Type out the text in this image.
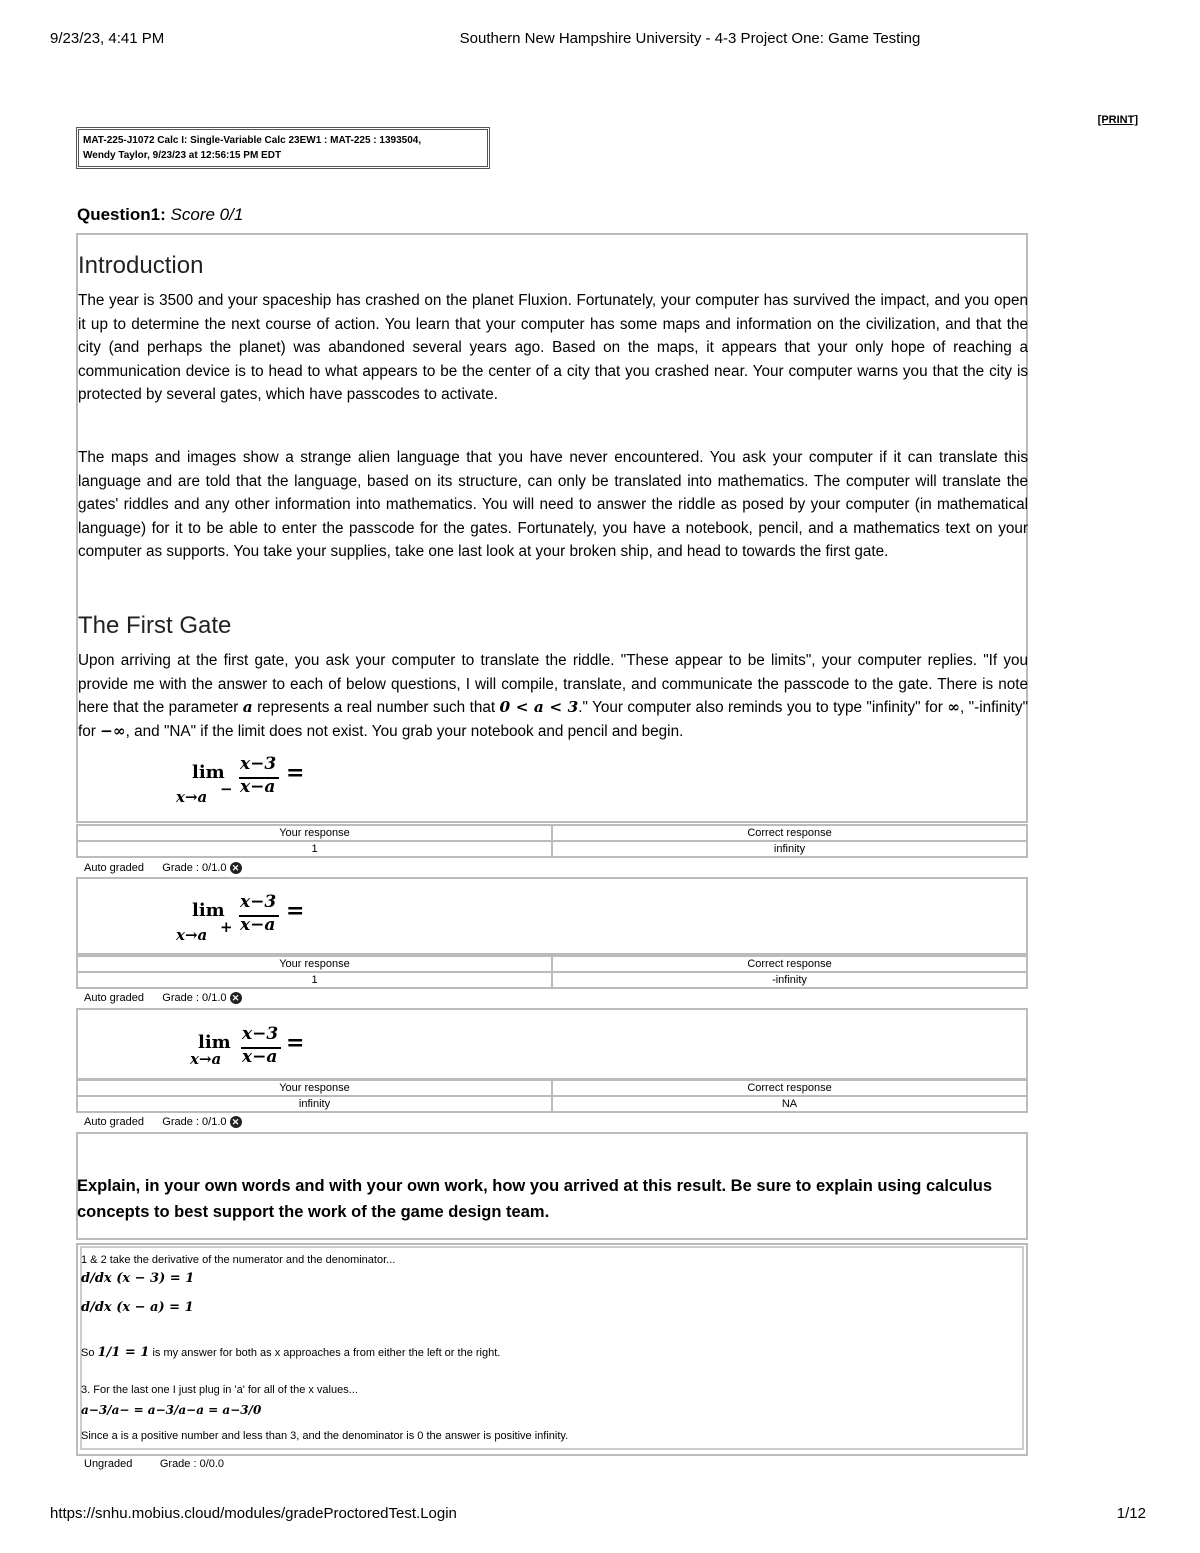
9/23/23, 4:41 PM	Southern New Hampshire University - 4-3 Project One: Game Testing
[PRINT]
MAT-225-J1072 Calc I: Single-Variable Calc 23EW1 : MAT-225 : 1393504,
Wendy Taylor, 9/23/23 at 12:56:15 PM EDT
Question1: Score 0/1
Introduction
The year is 3500 and your spaceship has crashed on the planet Fluxion. Fortunately, your computer has survived the impact, and you open it up to determine the next course of action. You learn that your computer has some maps and information on the civilization, and that the city (and perhaps the planet) was abandoned several years ago. Based on the maps, it appears that your only hope of reaching a communication device is to head to what appears to be the center of a city that you crashed near. Your computer warns you that the city is protected by several gates, which have passcodes to activate.
The maps and images show a strange alien language that you have never encountered. You ask your computer if it can translate this language and are told that the language, based on its structure, can only be translated into mathematics. The computer will translate the gates' riddles and any other information into mathematics. You will need to answer the riddle as posed by your computer (in mathematical language) for it to be able to enter the passcode for the gates. Fortunately, you have a notebook, pencil, and a mathematics text on your computer as supports. You take your supplies, take one last look at your broken ship, and head to towards the first gate.
The First Gate
Upon arriving at the first gate, you ask your computer to translate the riddle. "These appear to be limits", your computer replies. "If you provide me with the answer to each of below questions, I will compile, translate, and communicate the passcode to the gate. There is note here that the parameter a represents a real number such that 0 < a < 3." Your computer also reminds you to type "infinity" for ∞, "-infinity" for −∞, and "NA" if the limit does not exist. You grab your notebook and pencil and begin.
lim
x→a −
x−3
x−a
=
Your response	Correct response
1	infinity
Auto graded Grade : 0/1.0 ✕
lim
x→a +
x−3
x−a
=
Your response	Correct response
1	-infinity
Auto graded Grade : 0/1.0 ✕
lim
x→a
x−3
x−a
=
Your response	Correct response
infinity	NA
Auto graded Grade : 0/1.0 ✕
Explain, in your own words and with your own work, how you arrived at this result. Be sure to explain using calculus concepts to best support the work of the game design team.
1 & 2 take the derivative of the numerator and the denominator...
d/dx (x − 3) = 1
d/dx (x − a) = 1
So 1/1 = 1 is my answer for both as x approaches a from either the left or the right.
3. For the last one I just plug in 'a' for all of the x values...
a−3/a− = a−3/a−a = a−3/0
Since a is a positive number and less than 3, and the denominator is 0 the answer is positive infinity.
Ungraded	Grade : 0/0.0
https://snhu.mobius.cloud/modules/gradeProctoredTest.Login	1/12
